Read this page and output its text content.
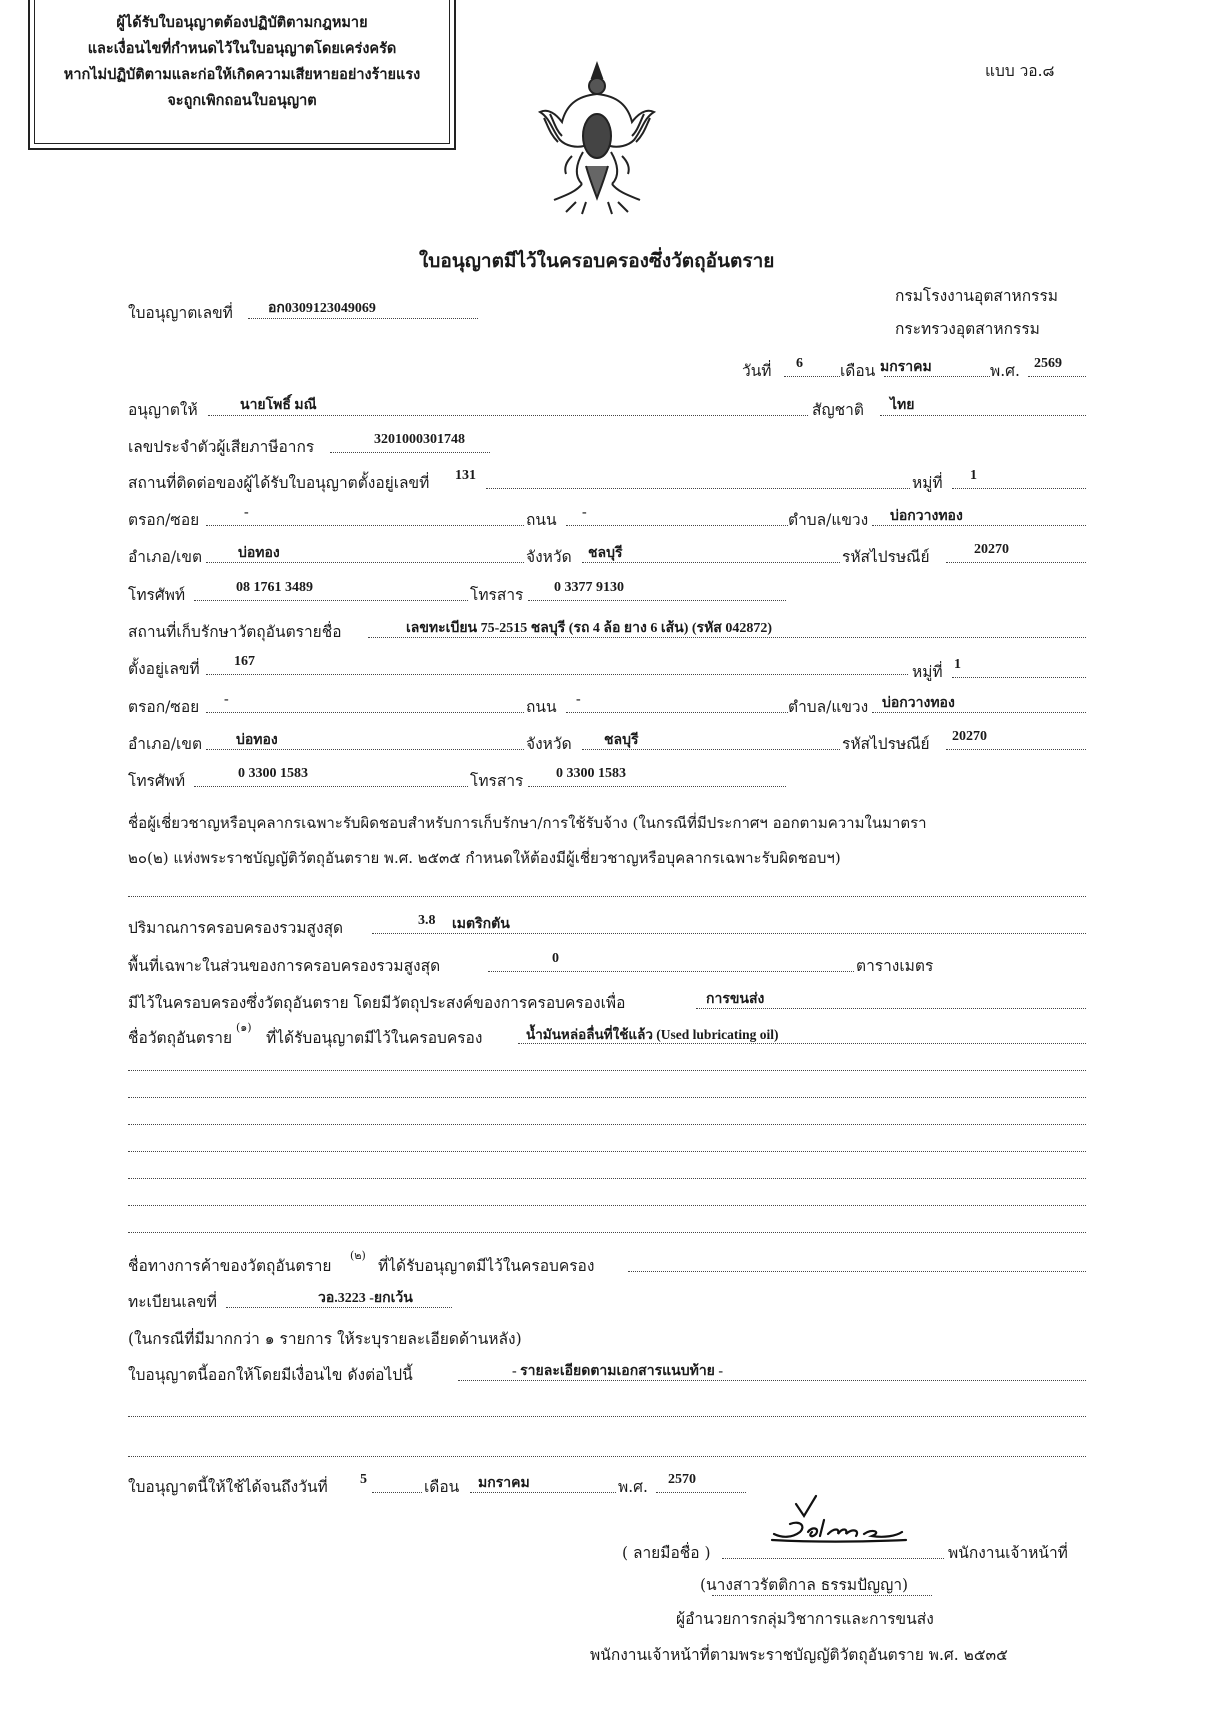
ผู้ได้รับใบอนุญาตต้องปฏิบัติตามกฎหมาย

และเงื่อนไขที่กำหนดไว้ในใบอนุญาตโดยเคร่งครัด

หากไม่ปฏิบัติตามและก่อให้เกิดความเสียหายอย่างร้ายแรง

จะถูกเพิกถอนใบอนุญาต

แบบ วอ.๘
ใบอนุญาตมีไว้ในครอบครองซึ่งวัตถุอันตราย
กรมโรงงานอุตสาหกรรม
กระทรวงอุตสาหกรรม
ใบอนุญาตเลขที่	อก0309123049069
วันที่ 6 เดือน มกราคม	พ.ศ. 2569
อนุญาตให้	นายโพธิ์ มณี	สัญชาติ ไทย
เลขประจำตัวผู้เสียภาษีอากร	3201000301748
สถานที่ติดต่อของผู้ได้รับใบอนุญาตตั้งอยู่เลขที่ 131	หมู่ที่ 1
ตรอก/ซอย	-	ถนน -	ตำบล/แขวง บ่อกวางทอง
อำเภอ/เขต	บ่อทอง	จังหวัด ชลบุรี	รหัสไปรษณีย์	20270
โทรศัพท์	08 1761 3489	โทรสาร 0 3377 9130
สถานที่เก็บรักษาวัตถุอันตรายชื่อ	เลขทะเบียน 75-2515 ชลบุรี (รถ 4 ล้อ ยาง 6 เส้น) (รหัส 042872)
ตั้งอยู่เลขที่ 167
หมู่ที่ 1
ตรอก/ซอย -	ถนน -	ตำบล/แขวง บ่อกวางทอง
อำเภอ/เขต บ่อทอง	จังหวัด ชลบุรี	รหัสไปรษณีย์ 20270
โทรศัพท์	0 3300 1583	โทรสาร 0 3300 1583
ชื่อผู้เชี่ยวชาญหรือบุคลากรเฉพาะรับผิดชอบสำหรับการเก็บรักษา/การใช้รับจ้าง (ในกรณีที่มีประกาศฯ ออกตามความในมาตรา
๒๐(๒) แห่งพระราชบัญญัติวัตถุอันตราย พ.ศ. ๒๕๓๕ กำหนดให้ต้องมีผู้เชี่ยวชาญหรือบุคลากรเฉพาะรับผิดชอบฯ)
ปริมาณการครอบครองรวมสูงสุด	3.8 เมตริกตัน
พื้นที่เฉพาะในส่วนของการครอบครองรวมสูงสุด	0	ตารางเมตร
มีไว้ในครอบครองซึ่งวัตถุอันตราย โดยมีวัตถุประสงค์ของการครอบครองเพื่อ	การขนส่ง
ชื่อวัตถุอันตราย
(๑)
ที่ได้รับอนุญาตมีไว้ในครอบครอง	น้ำมันหล่อลื่นที่ใช้แล้ว (Used lubricating oil)
ชื่อทางการค้าของวัตถุอันตราย
(๒)
ที่ได้รับอนุญาตมีไว้ในครอบครอง
ทะเบียนเลขที่	วอ.3223 -ยกเว้น
(ในกรณีที่มีมากกว่า ๑ รายการ ให้ระบุรายละเอียดด้านหลัง)
ใบอนุญาตนี้ออกให้โดยมีเงื่อนไข ดังต่อไปนี้	- รายละเอียดตามเอกสารแนบท้าย -
ใบอนุญาตนี้ให้ใช้ได้จนถึงวันที่ 5	เดือน มกราคม	พ.ศ. 2570
( ลายมือชื่อ )	พนักงานเจ้าหน้าที่
(นางสาวรัตติกาล ธรรมปัญญา)
ผู้อำนวยการกลุ่มวิชาการและการขนส่ง
พนักงานเจ้าหน้าที่ตามพระราชบัญญัติวัตถุอันตราย พ.ศ. ๒๕๓๕
